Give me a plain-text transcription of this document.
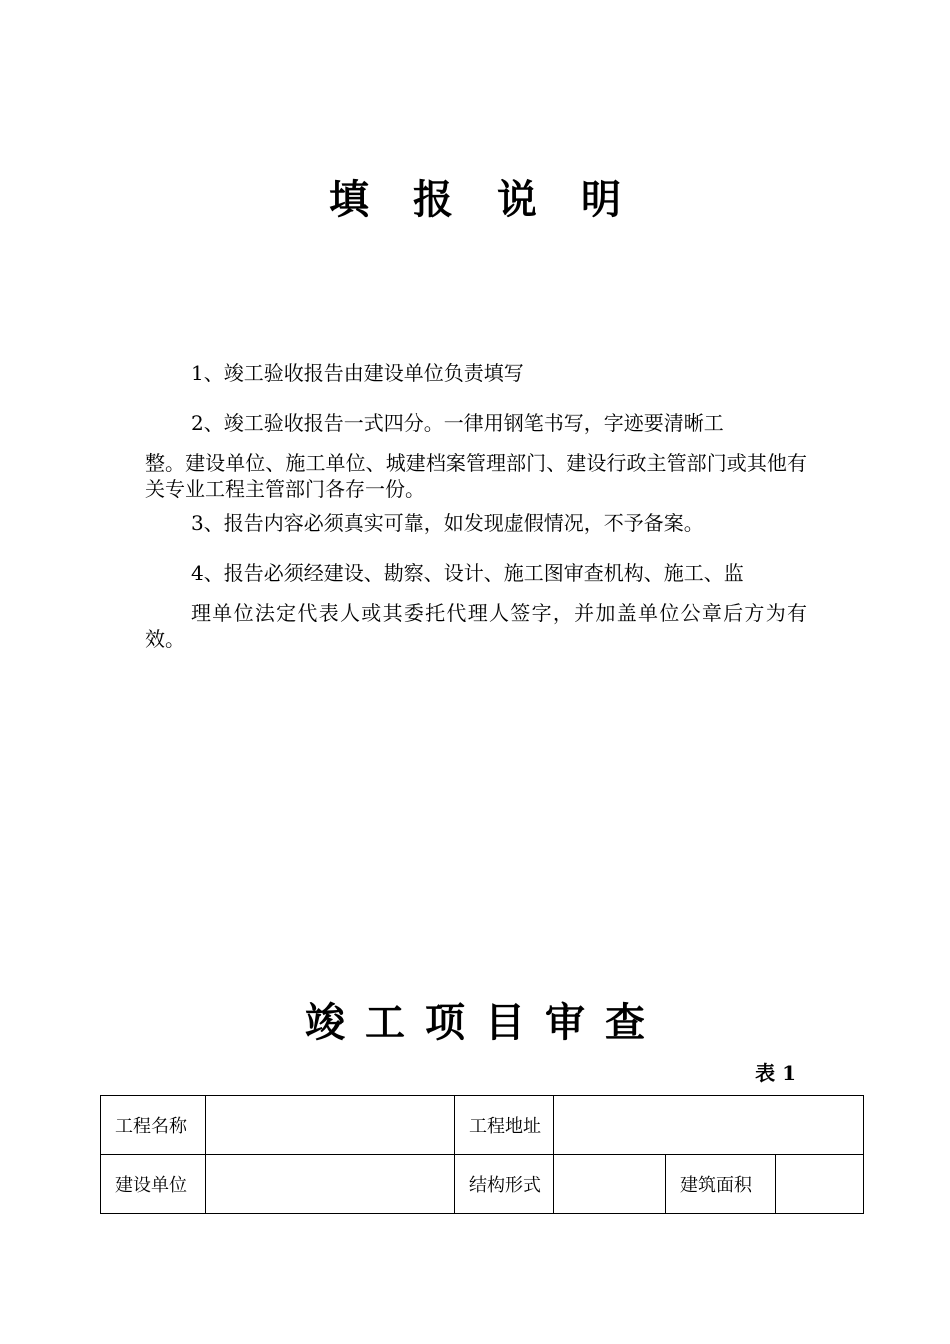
填报说明

1、竣工验收报告由建设单位负责填写

2、竣工验收报告一式四分。一律用钢笔书写，字迹要清晰工
整。建设单位、施工单位、城建档案管理部门、建设行政主管部门或其他有关专业工程主管部门各存一份。

3、报告内容必须真实可靠，如发现虚假情况，不予备案。

4、报告必须经建设、勘察、设计、施工图审查机构、施工、监
理单位法定代表人或其委托代理人签字，并加盖单位公章后方为有效。

竣工项目审查

表 1

工程名称		工程地址			
建设单位		结构形式		建筑面积	
